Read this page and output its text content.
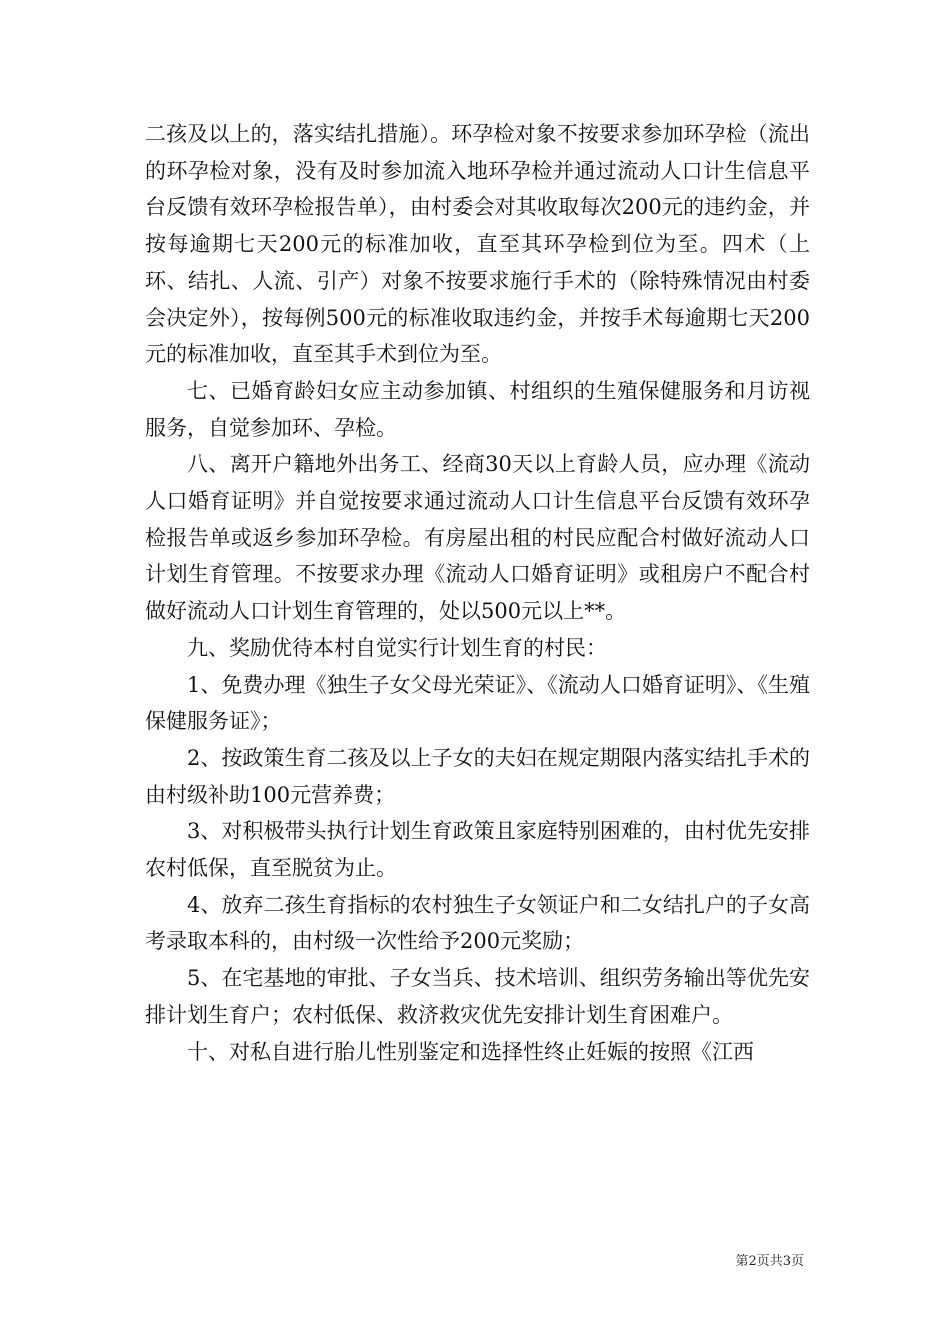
二孩及以上的，落实结扎措施）。环孕检对象不按要求参加环孕检（流出的环孕检对象，没有及时参加流入地环孕检并通过流动人口计生信息平台反馈有效环孕检报告单），由村委会对其收取每次200元的违约金，并按每逾期七天200元的标准加收，直至其环孕检到位为至。四术（上环、结扎、人流、引产）对象不按要求施行手术的（除特殊情况由村委会决定外），按每例500元的标准收取违约金，并按手术每逾期七天200元的标准加收，直至其手术到位为至。

七、已婚育龄妇女应主动参加镇、村组织的生殖保健服务和月访视服务，自觉参加环、孕检。

八、离开户籍地外出务工、经商30天以上育龄人员，应办理《流动人口婚育证明》并自觉按要求通过流动人口计生信息平台反馈有效环孕检报告单或返乡参加环孕检。有房屋出租的村民应配合村做好流动人口计划生育管理。不按要求办理《流动人口婚育证明》或租房户不配合村做好流动人口计划生育管理的，处以500元以上**。

九、奖励优待本村自觉实行计划生育的村民：

1、免费办理《独生子女父母光荣证》、《流动人口婚育证明》、《生殖保健服务证》；

2、按政策生育二孩及以上子女的夫妇在规定期限内落实结扎手术的由村级补助100元营养费；

3、对积极带头执行计划生育政策且家庭特别困难的，由村优先安排农村低保，直至脱贫为止。

4、放弃二孩生育指标的农村独生子女领证户和二女结扎户的子女高考录取本科的，由村级一次性给予200元奖励；

5、在宅基地的审批、子女当兵、技术培训、组织劳务输出等优先安排计划生育户；农村低保、救济救灾优先安排计划生育困难户。

十、对私自进行胎儿性别鉴定和选择性终止妊娠的按照《江西

第2页共3页
